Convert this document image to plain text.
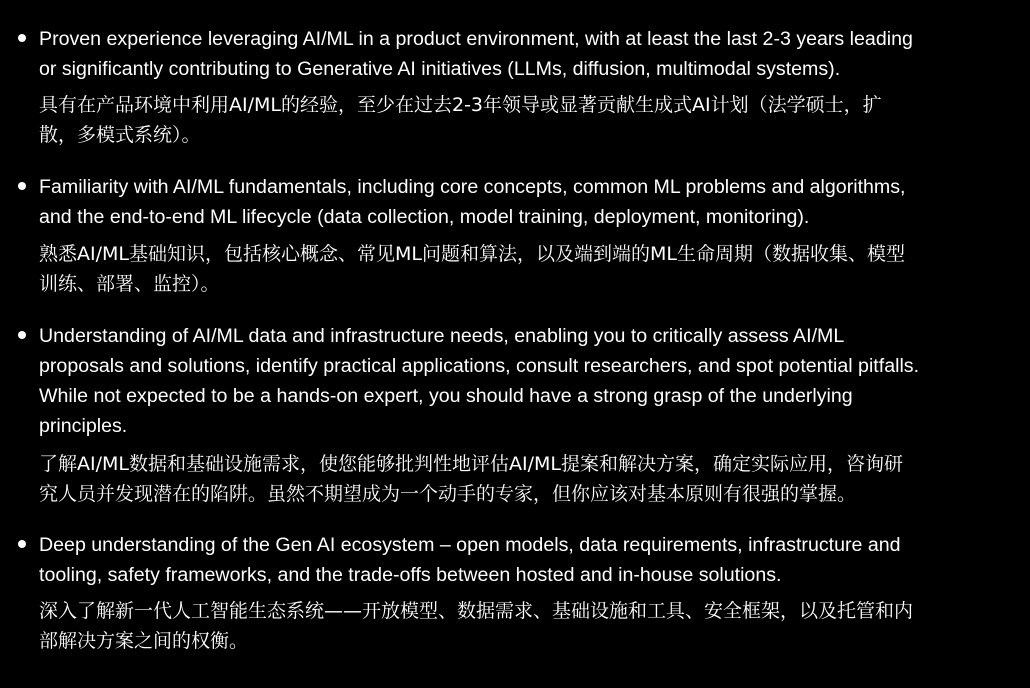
Proven experience leveraging AI/ML in a product environment, with at least the last 2-3 years leading
or significantly contributing to Generative AI initiatives (LLMs, diffusion, multimodal systems).
具有在产品环境中利用AI/ML的经验，至少在过去2-3年领导或显著贡献生成式AI计划（法学硕士，扩
散，多模式系统）。
Familiarity with AI/ML fundamentals, including core concepts, common ML problems and algorithms,
and the end-to-end ML lifecycle (data collection, model training, deployment, monitoring).
熟悉AI/ML基础知识，包括核心概念、常见ML问题和算法，以及端到端的ML生命周期（数据收集、模型
训练、部署、监控）。
Understanding of AI/ML data and infrastructure needs, enabling you to critically assess AI/ML
proposals and solutions, identify practical applications, consult researchers, and spot potential pitfalls.
While not expected to be a hands-on expert, you should have a strong grasp of the underlying
principles.
了解AI/ML数据和基础设施需求，使您能够批判性地评估AI/ML提案和解决方案，确定实际应用，咨询研
究人员并发现潜在的陷阱。虽然不期望成为一个动手的专家，但你应该对基本原则有很强的掌握。
Deep understanding of the Gen AI ecosystem – open models, data requirements, infrastructure and
tooling, safety frameworks, and the trade-offs between hosted and in-house solutions.
深入了解新一代人工智能生态系统——开放模型、数据需求、基础设施和工具、安全框架，以及托管和内
部解决方案之间的权衡。
